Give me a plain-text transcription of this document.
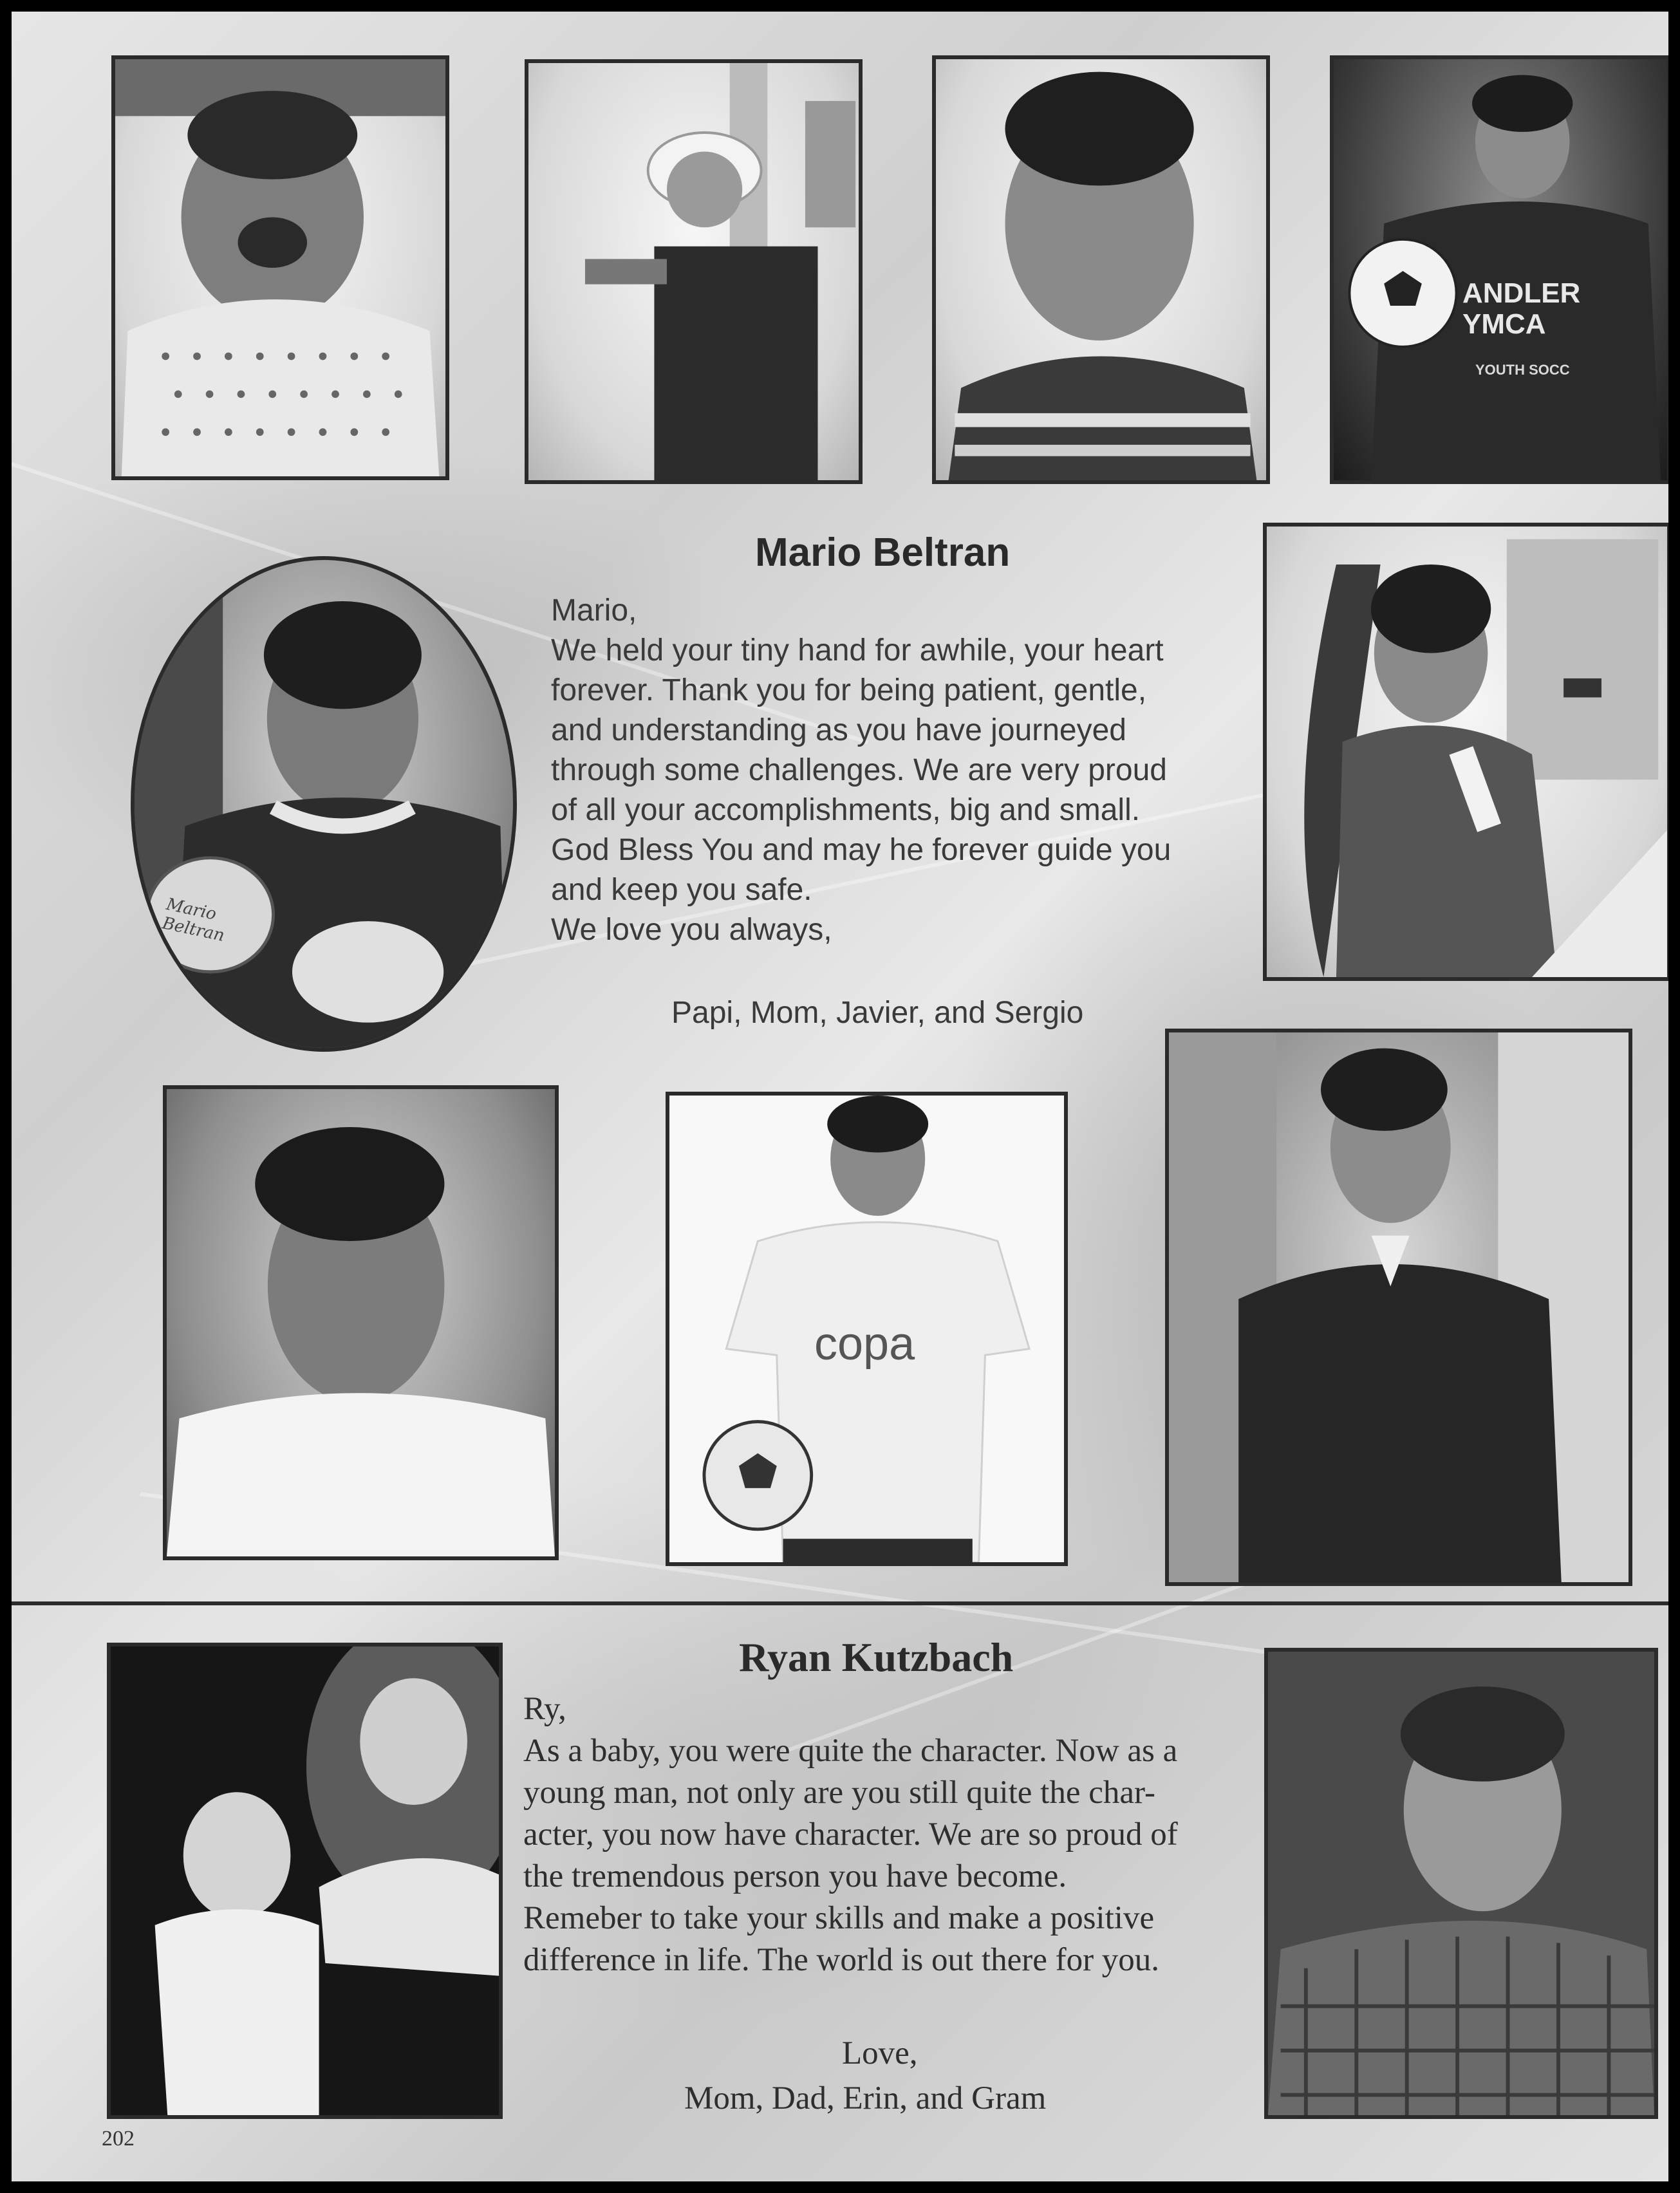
ANDLER YMCA
YOUTH SOCC
Mario Beltran
Mario,
We held your tiny hand for awhile, your heart
forever. Thank you for being patient, gentle,
and understanding as you have journeyed
through some challenges. We are very proud
of all your accomplishments, big and small.
God Bless You and may he forever guide you
and keep you safe.
We love you always,
Papi, Mom, Javier, and Sergio
Mario Beltran
copa
Ryan Kutzbach
Ry,
As a baby, you were quite the character. Now as a
young man, not only are you still quite the char-
acter, you now have character. We are so proud of
the tremendous person you have become.
Remeber to take your skills and make a positive
difference in life. The world is out there for you.
Love,
Mom, Dad, Erin, and Gram
202
